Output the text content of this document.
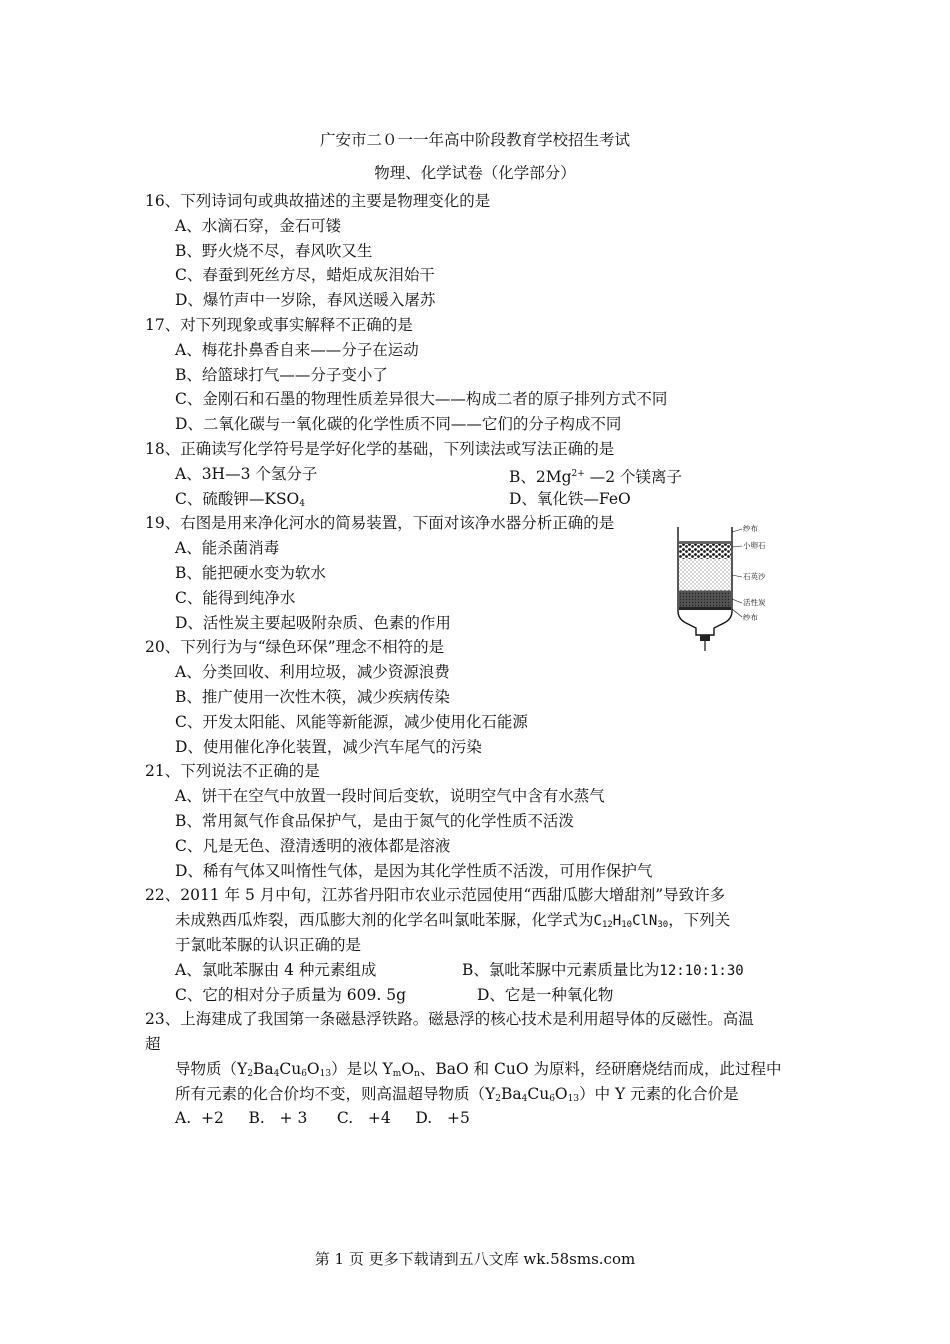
广安市二０一一年高中阶段教育学校招生考试
物理、化学试卷（化学部分）
16、下列诗词句或典故描述的主要是物理变化的是
A、水滴石穿，金石可镂
B、野火烧不尽，春风吹又生
C、春蚕到死丝方尽，蜡炬成灰泪始干
D、爆竹声中一岁除，春风送暖入屠苏
17、对下列现象或事实解释不正确的是
A、梅花扑鼻香自来——分子在运动
B、给篮球打气——分子变小了
C、金刚石和石墨的物理性质差异很大——构成二者的原子排列方式不同
D、二氧化碳与一氧化碳的化学性质不同——它们的分子构成不同
18、正确读写化学符号是学好化学的基础，下列读法或写法正确的是
A、3H—3 个氢分子	B、$2Mg^{2+}$ —2 个镁离子
C、硫酸钾$—KSO_4$	D、氧化铁—FeO
19、右图是用来净化河水的简易装置，下面对该净水器分析正确的是
A、能杀菌消毒
B、能把硬水变为软水
C、能得到纯净水
D、活性炭主要起吸附杂质、色素的作用
20、下列行为与“绿色环保”理念不相符的是
A、分类回收、利用垃圾，减少资源浪费
B、推广使用一次性木筷，减少疾病传染
C、开发太阳能、风能等新能源，减少使用化石能源
D、使用催化净化装置，减少汽车尾气的污染
21、下列说法不正确的是
A、饼干在空气中放置一段时间后变软，说明空气中含有水蒸气
B、常用氮气作食品保护气，是由于氮气的化学性质不活泼
C、凡是无色、澄清透明的液体都是溶液
D、稀有气体又叫惰性气体，是因为其化学性质不活泼，可用作保护气
22、2011 年 5 月中旬，江苏省丹阳市农业示范园使用“西甜瓜膨大增甜剂”导致许多
未成熟西瓜炸裂，西瓜膨大剂的化学名叫氯吡苯脲，化学式为$C_{12}H_{10}ClN_{30}$，下列关
于氯吡苯脲的认识正确的是
A、氯吡苯脲由 4 种元素组成	B、氯吡苯脲中元素质量比为12:10:1:30
C、它的相对分子质量为 609. 5g	D、它是一种氧化物
23、上海建成了我国第一条磁悬浮铁路。磁悬浮的核心技术是利用超导体的反磁性。高温
超
导物质$(Y_2Ba_4Cu_6O_{13})$是以 $Y_mO_n$、BaO 和 CuO 为原料，经研磨烧结而成，此过程中
所有元素的化合价均不变，则高温超导物质$(Y_2Ba_4Cu_6O_{13})$中 Y 元素的化合价是
A.  +2     B.   + 3      C.   +4     D.   +5
纱布
小卵石
石英沙
活性炭
纱布
第 1 页 更多下载请到五八文库 wk.58sms.com
